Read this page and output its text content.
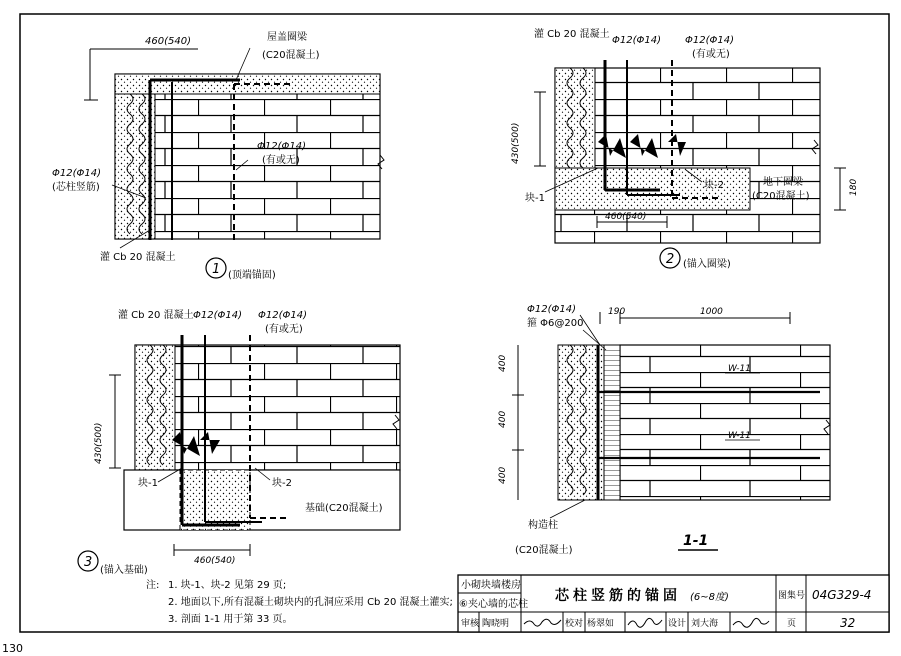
460(540)	屋盖圈梁
(C20混凝土)
Φ12(Φ14)
(有或无)
Φ12(Φ14)
(芯柱竖筋)
灌 Cb 20 混凝土
1 (顶端锚固)
灌 Cb 20 混凝土
Φ12(Φ14) Φ12(Φ14)
(有或无)
430(500)
块-1
块-2	地下圈梁
(C20混凝土)
180
460(540)
2 (锚入圈梁)
灌 Cb 20 混凝土 Φ12(Φ14) Φ12(Φ14)
(有或无)
430(500)
块-1	块-2
基础(C20混凝土)
460(540)
3
(锚入基础)
Φ12(Φ14)
箍 Φ6@200
190	1000
400
400
400
W-11
W-11
构造柱
(C20混凝土)
1-1
注: 1. 块-1、块-2 见第 29 页;
2. 地面以下,所有混凝土砌块内的孔洞应采用 Cb 20 混凝土灌实;
3. 剖面 1-1 用于第 33 页。
小砌块墙楼房
⑥夹心墙的芯柱
芯柱竖筋的锚固 (6~8度)	图集号 04G329-4
审核 陶晓明	校对 杨翠如	设计 刘大海	页	32
130
